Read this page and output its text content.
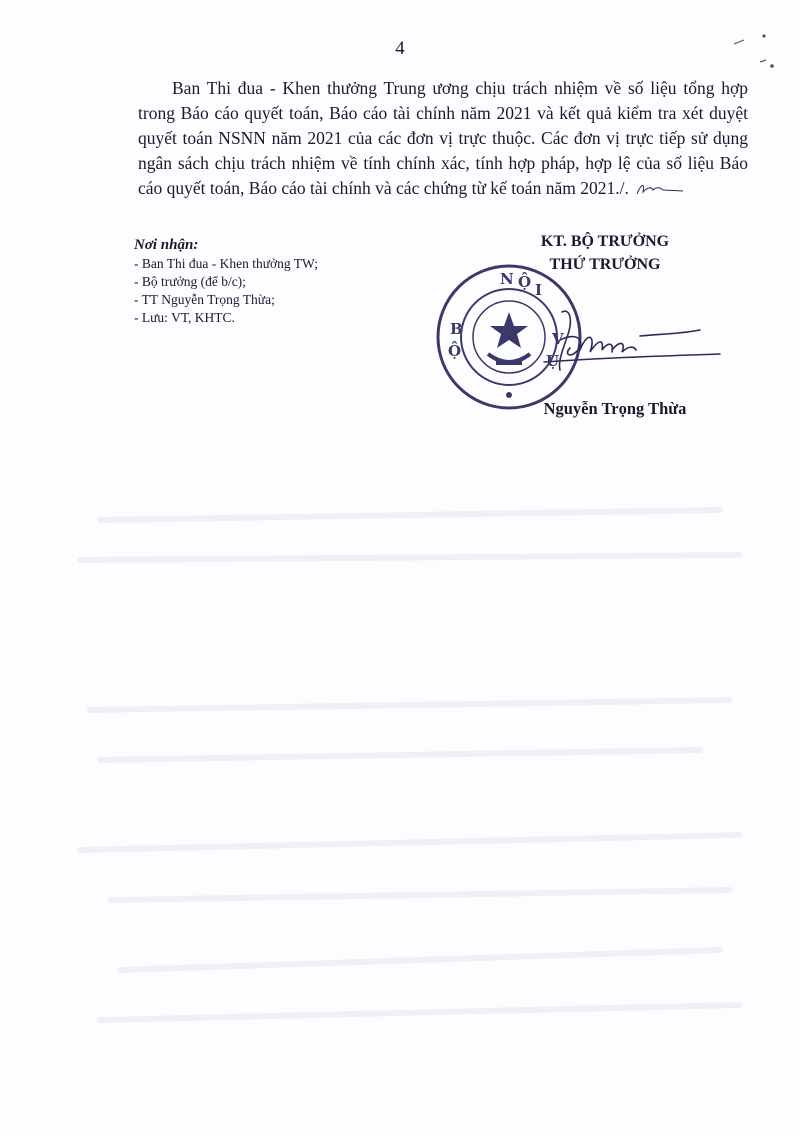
4

Ban Thi đua - Khen thưởng Trung ương chịu trách nhiệm về số liệu tổng hợp trong Báo cáo quyết toán, Báo cáo tài chính năm 2021 và kết quả kiểm tra xét duyệt quyết toán NSNN năm 2021 của các đơn vị trực thuộc. Các đơn vị trực tiếp sử dụng ngân sách chịu trách nhiệm về tính chính xác, tính hợp pháp, hợp lệ của số liệu Báo cáo quyết toán, Báo cáo tài chính và các chứng từ kế toán năm 2021./.

Nơi nhận:
- Ban Thi đua - Khen thưởng TW;
- Bộ trưởng (để b/c);
- TT Nguyễn Trọng Thừa;
- Lưu: VT, KHTC.
KT. BỘ TRƯỞNG
THỨ TRƯỞNG
N Ộ I
B
Ộ
V
Ụ
Nguyễn Trọng Thừa
